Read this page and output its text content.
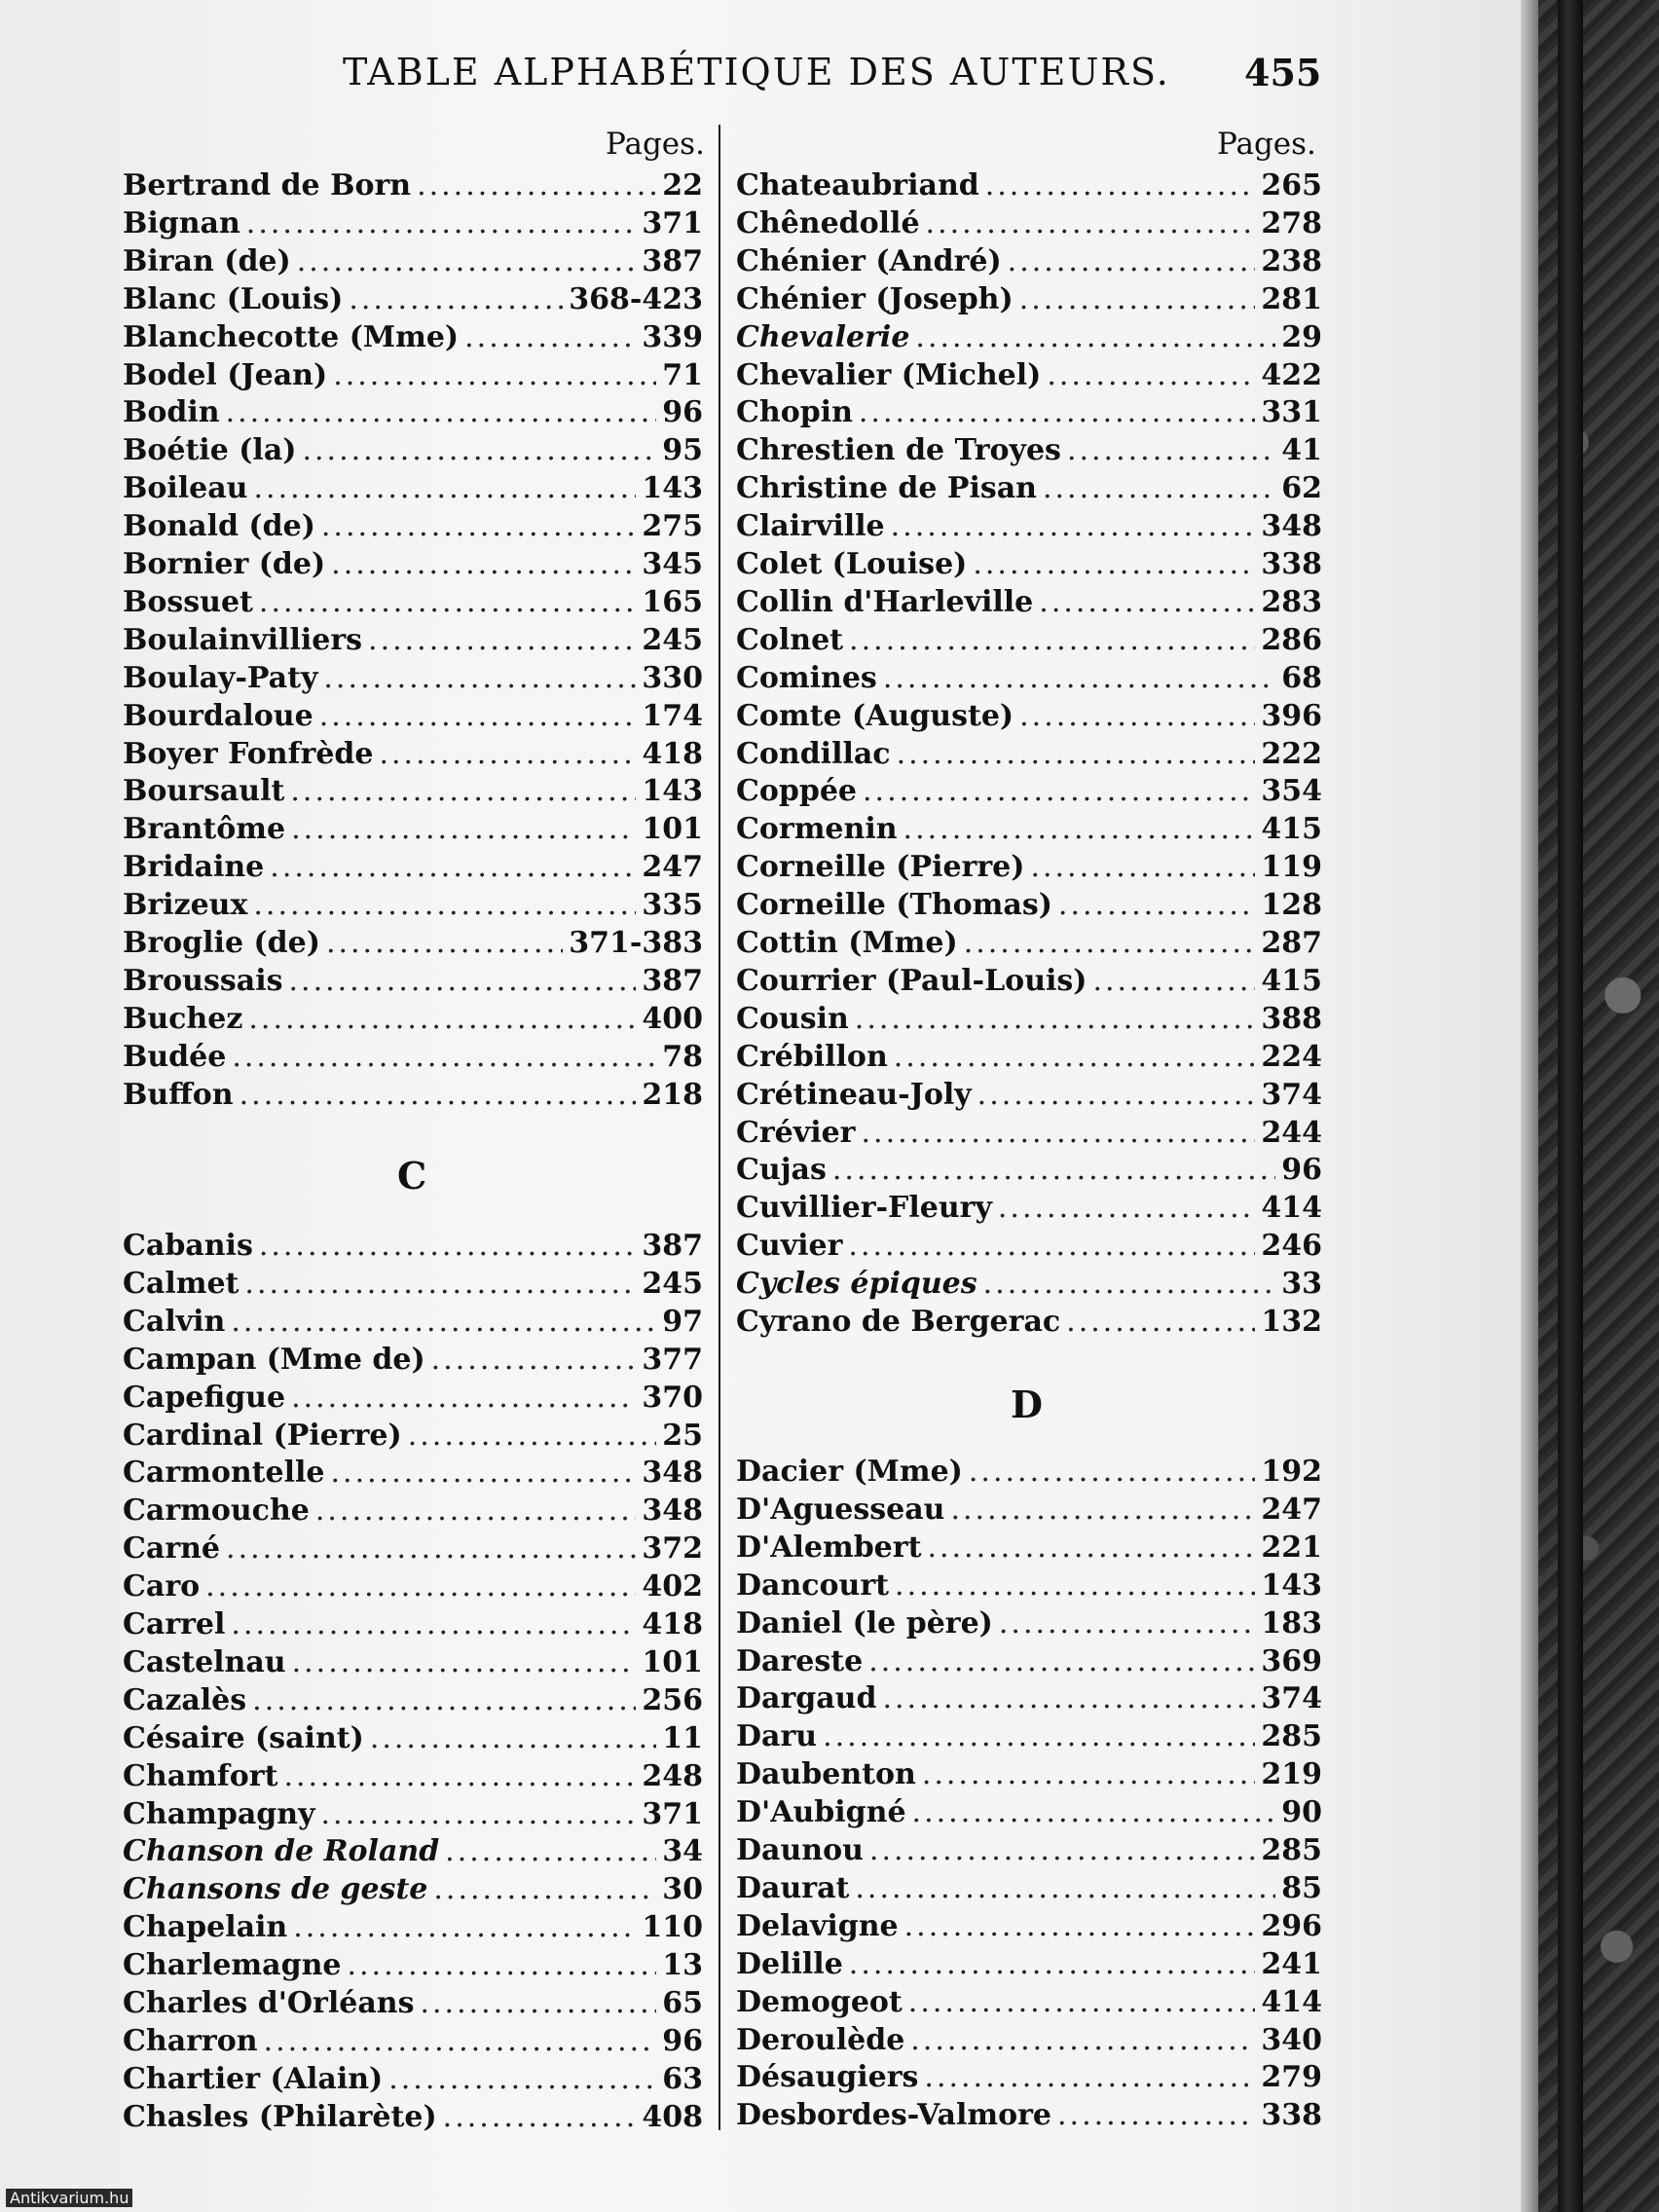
TABLE ALPHABÉTIQUE DES AUTEURS. 455
Pages.	Pages.
Bertrand de Born .....	22
Bignan .....	371
Biran (de) .....	387
Blanc (Louis) .....	368-423
Blanchecotte (Mme) .....	339
Bodel (Jean) .....	71
Bodin .....	96
Boétie (la) .....	95
Boileau .....	143
Bonald (de) .....	275
Bornier (de) .....	345
Bossuet .....	165
Boulainvilliers .....	245
Boulay-Paty .....	330
Bourdaloue .....	174
Boyer Fonfrède .....	418
Boursault .....	143
Brantôme .....	101
Bridaine .....	247
Brizeux .....	335
Broglie (de) .....	371-383
Broussais .....	387
Buchez .....	400
Budée .....	78
Buffon .....	218
C
Cabanis .....	387
Calmet .....	245
Calvin .....	97
Campan (Mme de) .....	377
Capefigue .....	370
Cardinal (Pierre) .....	25
Carmontelle .....	348
Carmouche .....	348
Carné .....	372
Caro .....	402
Carrel .....	418
Castelnau .....	101
Cazalès .....	256
Césaire (saint) .....	11
Chamfort .....	248
Champagny .....	371
Chanson de Roland .....	34
Chansons de geste .....	30
Chapelain .....	110
Charlemagne .....	13
Charles d'Orléans .....	65
Charron .....	96
Chartier (Alain) .....	63
Chasles (Philarète) .....	408
Chateaubriand .....	265
Chênedollé .....	278
Chénier (André) .....	238
Chénier (Joseph) .....	281
Chevalerie .....	29
Chevalier (Michel) .....	422
Chopin .....	331
Chrestien de Troyes .....	41
Christine de Pisan .....	62
Clairville .....	348
Colet (Louise) .....	338
Collin d'Harleville .....	283
Colnet .....	286
Comines .....	68
Comte (Auguste) .....	396
Condillac .....	222
Coppée .....	354
Cormenin .....	415
Corneille (Pierre) .....	119
Corneille (Thomas) .....	128
Cottin (Mme) .....	287
Courrier (Paul-Louis) .....	415
Cousin .....	388
Crébillon .....	224
Crétineau-Joly .....	374
Crévier .....	244
Cujas .....	96
Cuvillier-Fleury .....	414
Cuvier .....	246
Cycles épiques .....	33
Cyrano de Bergerac .....	132
D
Dacier (Mme) .....	192
D'Aguesseau .....	247
D'Alembert .....	221
Dancourt .....	143
Daniel (le père) .....	183
Dareste .....	369
Dargaud .....	374
Daru .....	285
Daubenton .....	219
D'Aubigné .....	90
Daunou .....	285
Daurat .....	85
Delavigne .....	296
Delille .....	241
Demogeot .....	414
Deroulède .....	340
Désaugiers .....	279
Desbordes-Valmore .....	338
Antikvarium.hu
